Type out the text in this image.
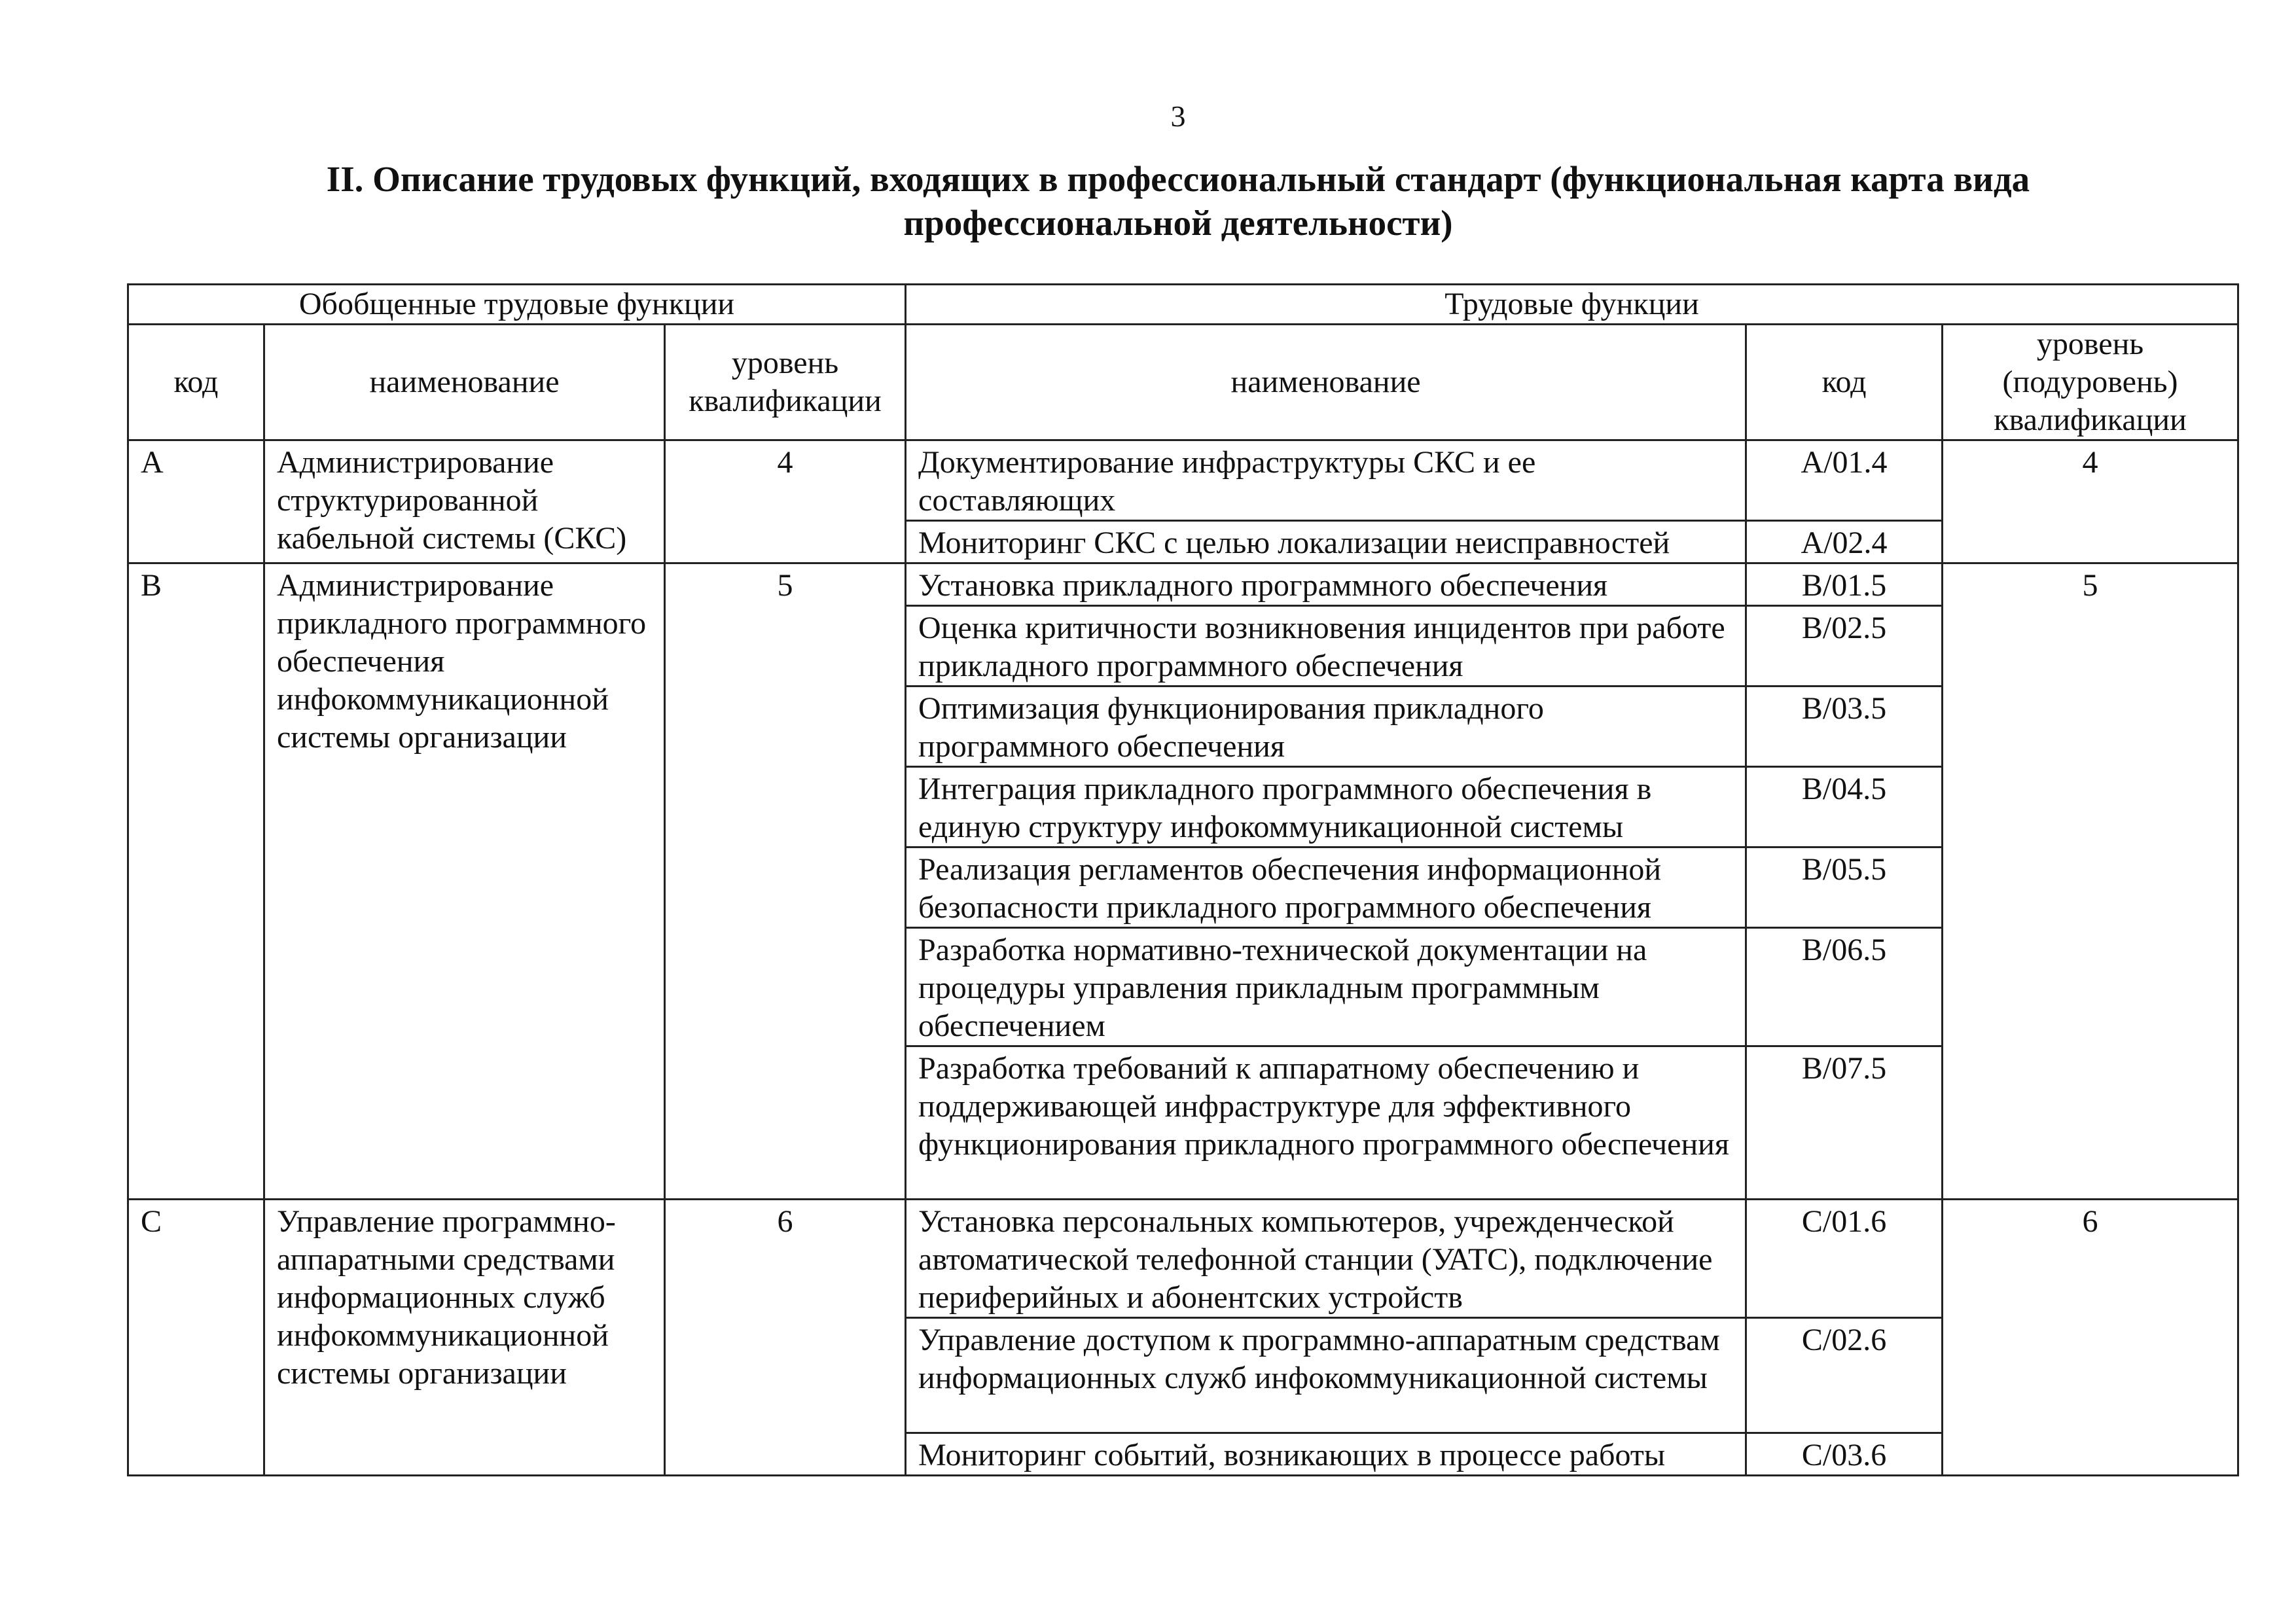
3
II. Описание трудовых функций, входящих в профессиональный стандарт (функциональная карта вида профессиональной деятельности)
Обобщенные трудовые функции			Трудовые функции		
код	наименование	уровень квалификации	наименование	код	уровень (подуровень) квалификации
A	Администрирование структурированной кабельной системы (СКС)	4	Документирование инфраструктуры СКС и ее составляющих	A/01.4	4
			Мониторинг СКС с целью локализации неисправностей	A/02.4	
B	Администрирование прикладного программного обеспечения инфокоммуникационной системы организации	5	Установка прикладного программного обеспечения	B/01.5	5
			Оценка критичности возникновения инцидентов при работе прикладного программного обеспечения	B/02.5	
			Оптимизация функционирования прикладного программного обеспечения	B/03.5	
			Интеграция прикладного программного обеспечения в единую структуру инфокоммуникационной системы	B/04.5	
			Реализация регламентов обеспечения информационной безопасности прикладного программного обеспечения	B/05.5	
			Разработка нормативно-технической документации на процедуры управления прикладным программным обеспечением	B/06.5	
			Разработка требований к аппаратному обеспечению и поддерживающей инфраструктуре для эффективного функционирования прикладного программного обеспечения	B/07.5	
C	Управление программно-аппаратными средствами информационных служб инфокоммуникационной системы организации	6	Установка персональных компьютеров, учрежденческой автоматической телефонной станции (УАТС), подключение периферийных и абонентских устройств	C/01.6	6
			Управление доступом к программно-аппаратным средствам информационных служб инфокоммуникационной системы	C/02.6	
			Мониторинг событий, возникающих в процессе работы	C/03.6	
